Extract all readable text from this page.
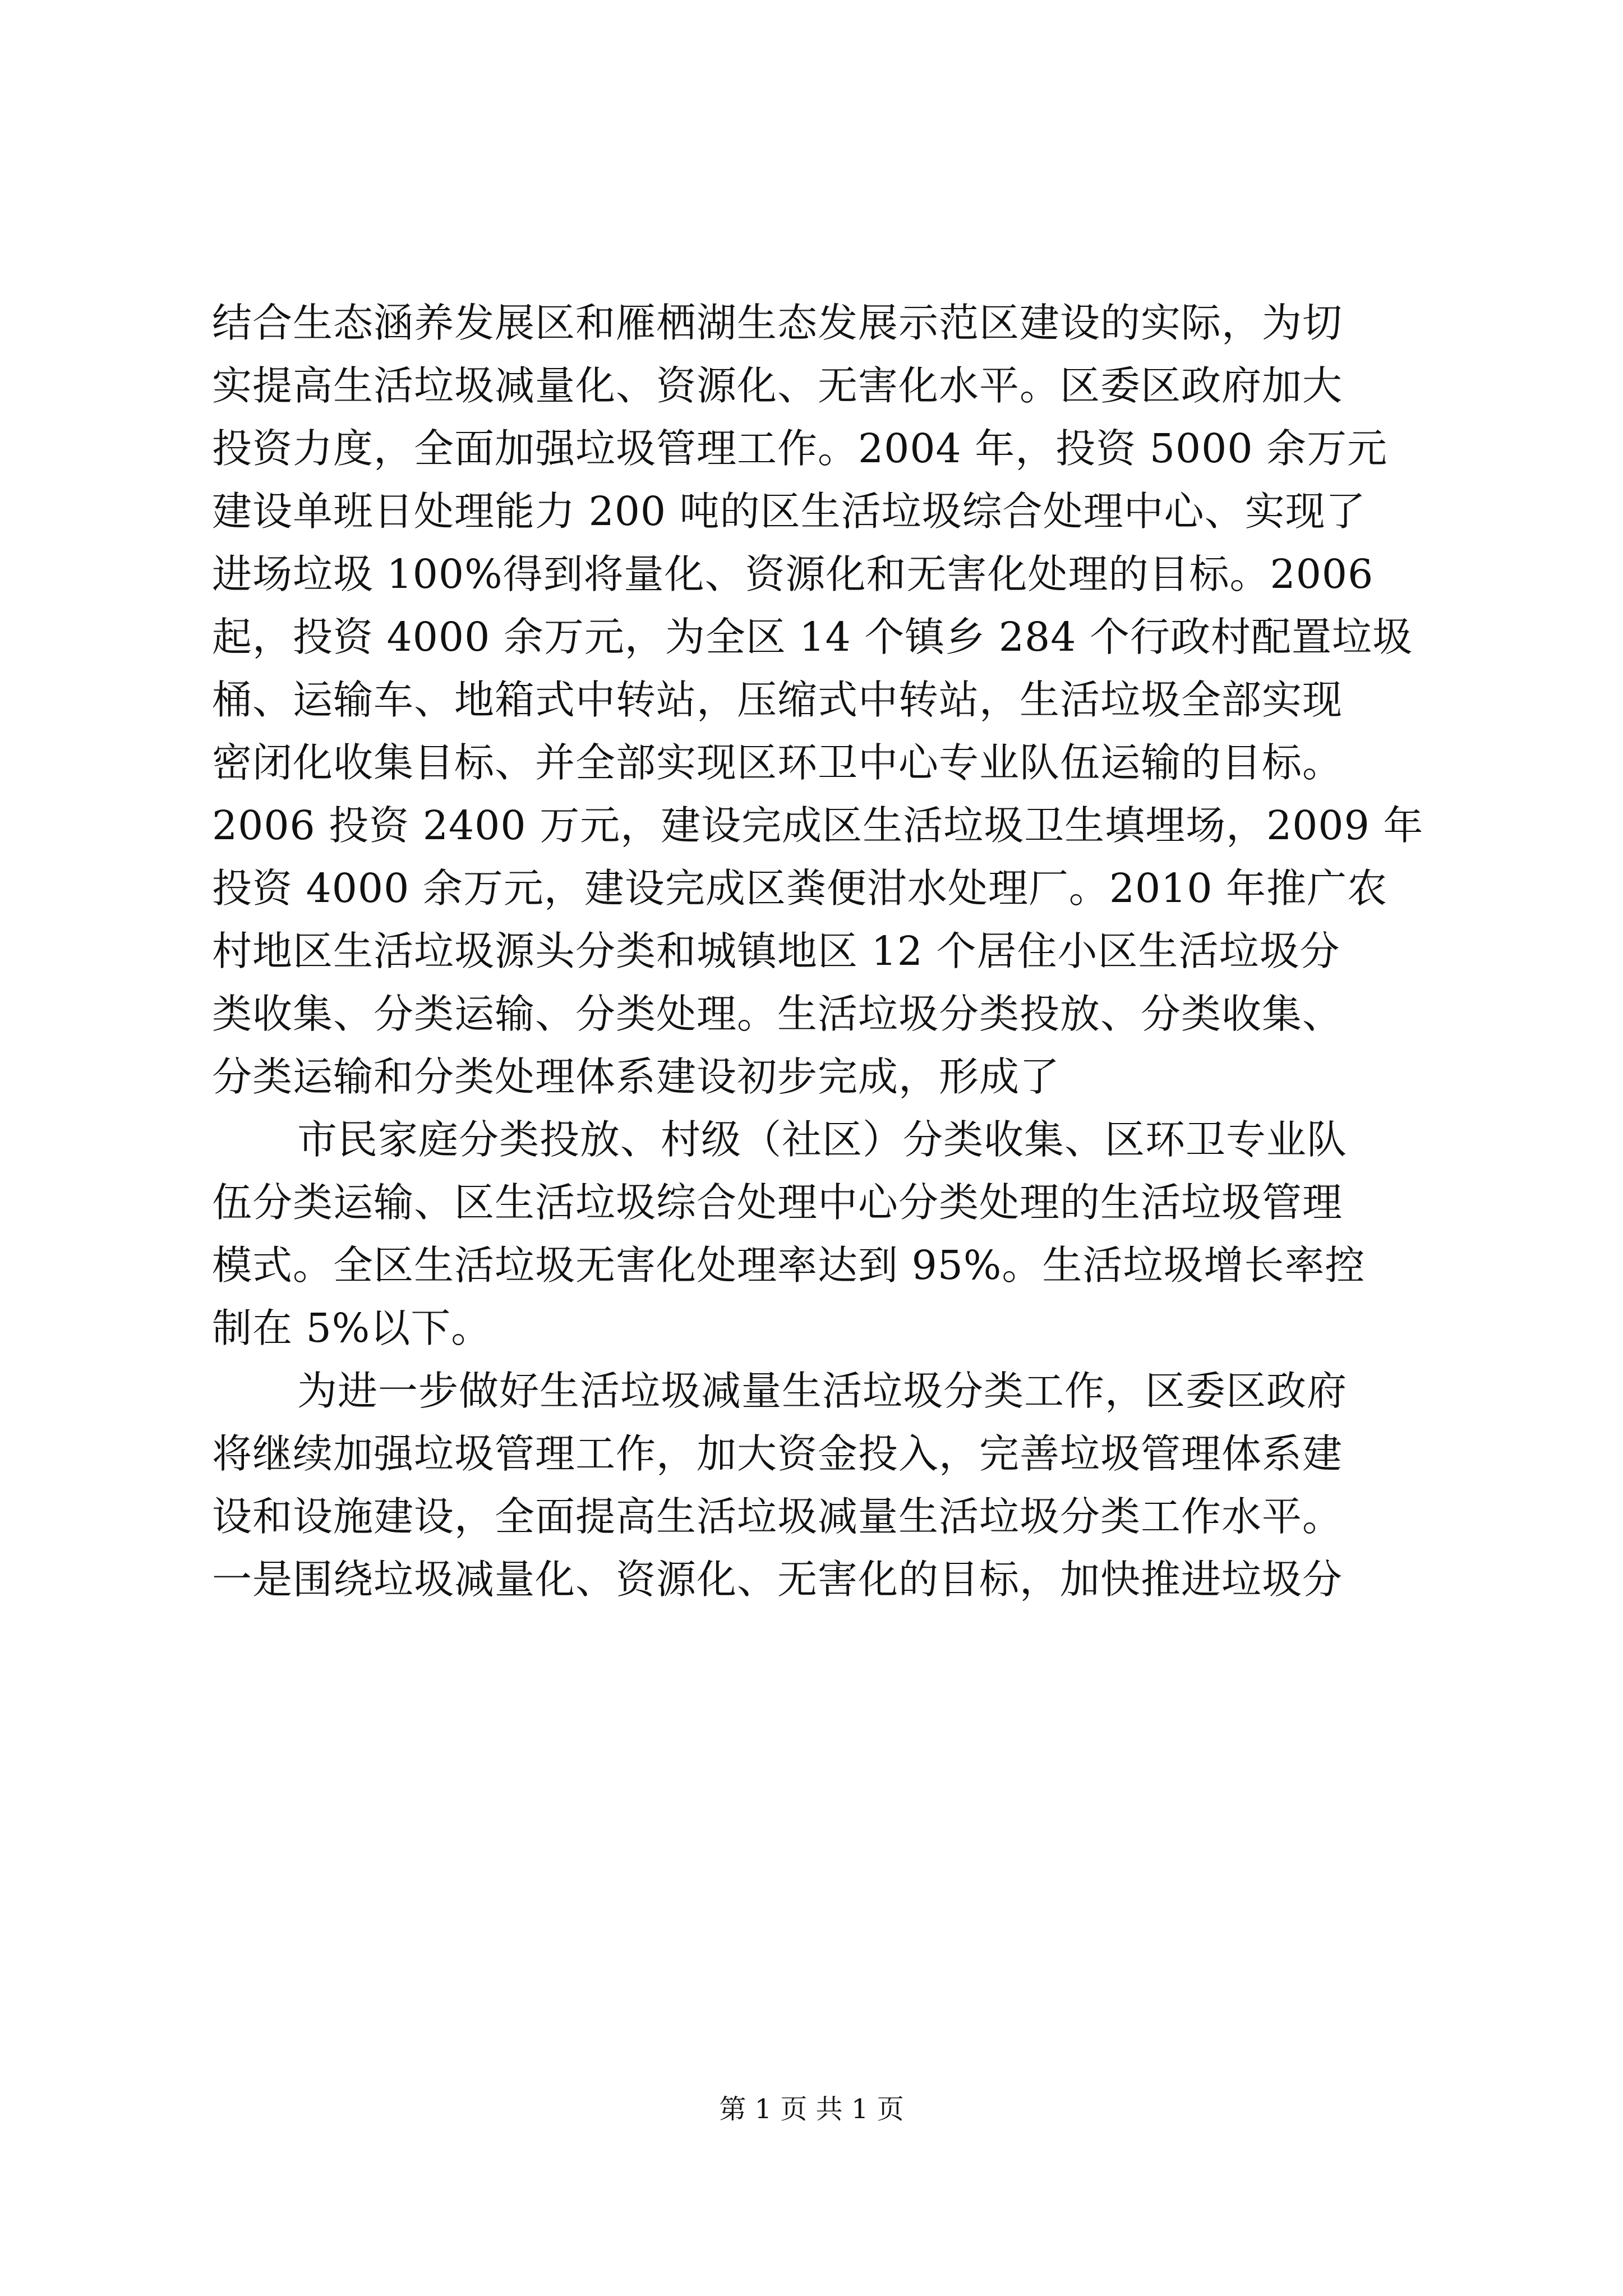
结合生态涵养发展区和雁栖湖生态发展示范区建设的实际，为切
实提高生活垃圾减量化、资源化、无害化水平。区委区政府加大
投资力度，全面加强垃圾管理工作。2004 年，投资 5000 余万元
建设单班日处理能力 200 吨的区生活垃圾综合处理中心、实现了
进场垃圾 100%得到将量化、资源化和无害化处理的目标。2006
起，投资 4000 余万元，为全区 14 个镇乡 284 个行政村配置垃圾
桶、运输车、地箱式中转站，压缩式中转站，生活垃圾全部实现
密闭化收集目标、并全部实现区环卫中心专业队伍运输的目标。
2006 投资 2400 万元，建设完成区生活垃圾卫生填埋场，2009 年
投资 4000 余万元，建设完成区粪便泔水处理厂。2010 年推广农
村地区生活垃圾源头分类和城镇地区 12 个居住小区生活垃圾分
类收集、分类运输、分类处理。生活垃圾分类投放、分类收集、
分类运输和分类处理体系建设初步完成，形成了
市民家庭分类投放、村级（社区）分类收集、区环卫专业队
伍分类运输、区生活垃圾综合处理中心分类处理的生活垃圾管理
模式。全区生活垃圾无害化处理率达到 95%。生活垃圾增长率控
制在 5%以下。
为进一步做好生活垃圾减量生活垃圾分类工作，区委区政府
将继续加强垃圾管理工作，加大资金投入，完善垃圾管理体系建
设和设施建设，全面提高生活垃圾减量生活垃圾分类工作水平。
一是围绕垃圾减量化、资源化、无害化的目标，加快推进垃圾分
第 1 页 共 1 页
